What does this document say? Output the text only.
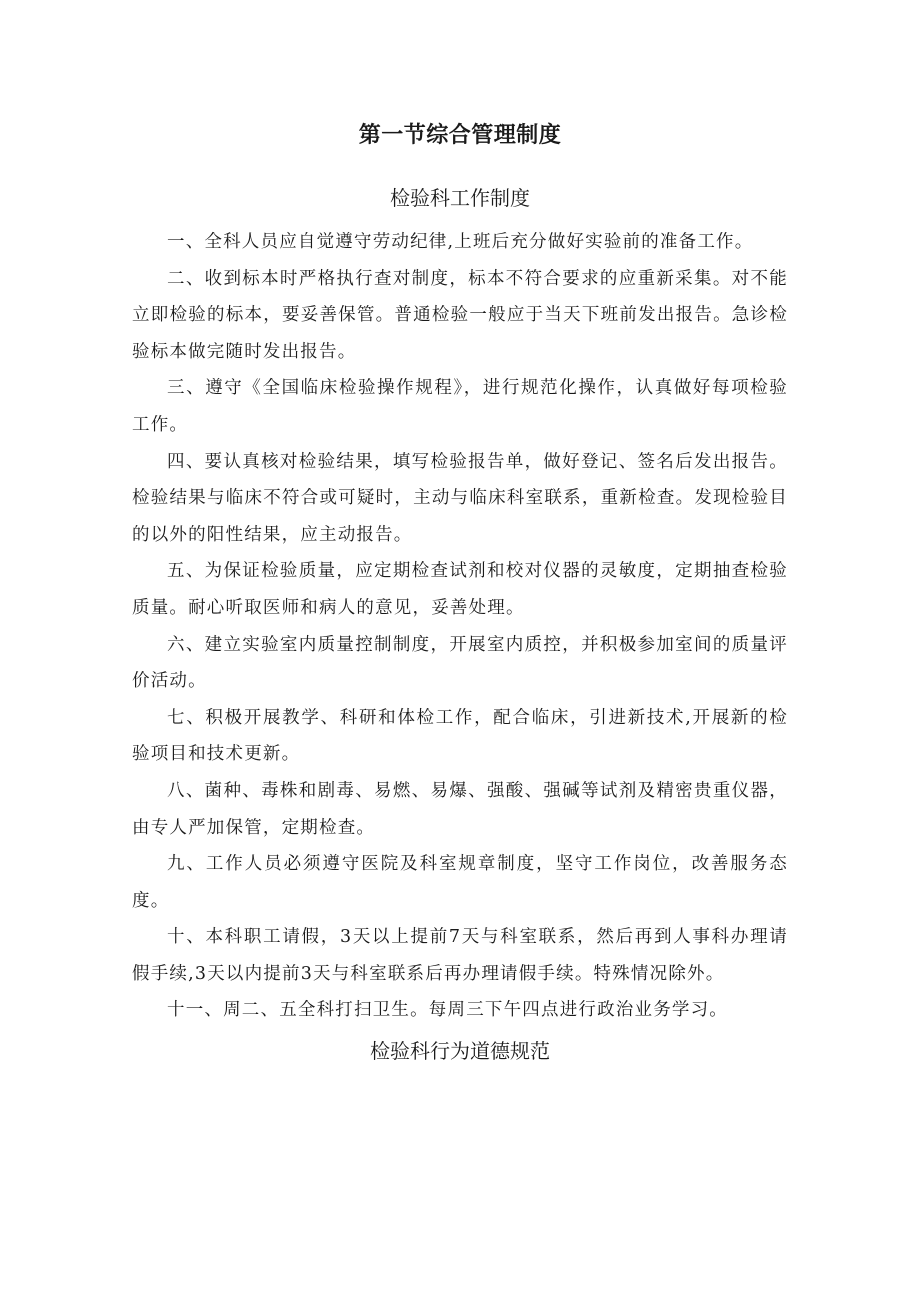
第一节综合管理制度
检验科工作制度

一、全科人员应自觉遵守劳动纪律,上班后充分做好实验前的准备工作。

二、收到标本时严格执行查对制度，标本不符合要求的应重新采集。对不能立即检验的标本，要妥善保管。普通检验一般应于当天下班前发出报告。急诊检验标本做完随时发出报告。

三、遵守《全国临床检验操作规程》，进行规范化操作，认真做好每项检验工作。

四、要认真核对检验结果，填写检验报告单，做好登记、签名后发出报告。检验结果与临床不符合或可疑时，主动与临床科室联系，重新检查。发现检验目的以外的阳性结果，应主动报告。

五、为保证检验质量，应定期检查试剂和校对仪器的灵敏度，定期抽查检验质量。耐心听取医师和病人的意见，妥善处理。

六、建立实验室内质量控制制度，开展室内质控，并积极参加室间的质量评价活动。

七、积极开展教学、科研和体检工作，配合临床，引进新技术,开展新的检验项目和技术更新。

八、菌种、毒株和剧毒、易燃、易爆、强酸、强碱等试剂及精密贵重仪器，由专人严加保管，定期检查。

九、工作人员必须遵守医院及科室规章制度，坚守工作岗位，改善服务态度。

十、本科职工请假，3天以上提前7天与科室联系，然后再到人事科办理请假手续,3天以内提前3天与科室联系后再办理请假手续。特殊情况除外。

十一、周二、五全科打扫卫生。每周三下午四点进行政治业务学习。

检验科行为道德规范
